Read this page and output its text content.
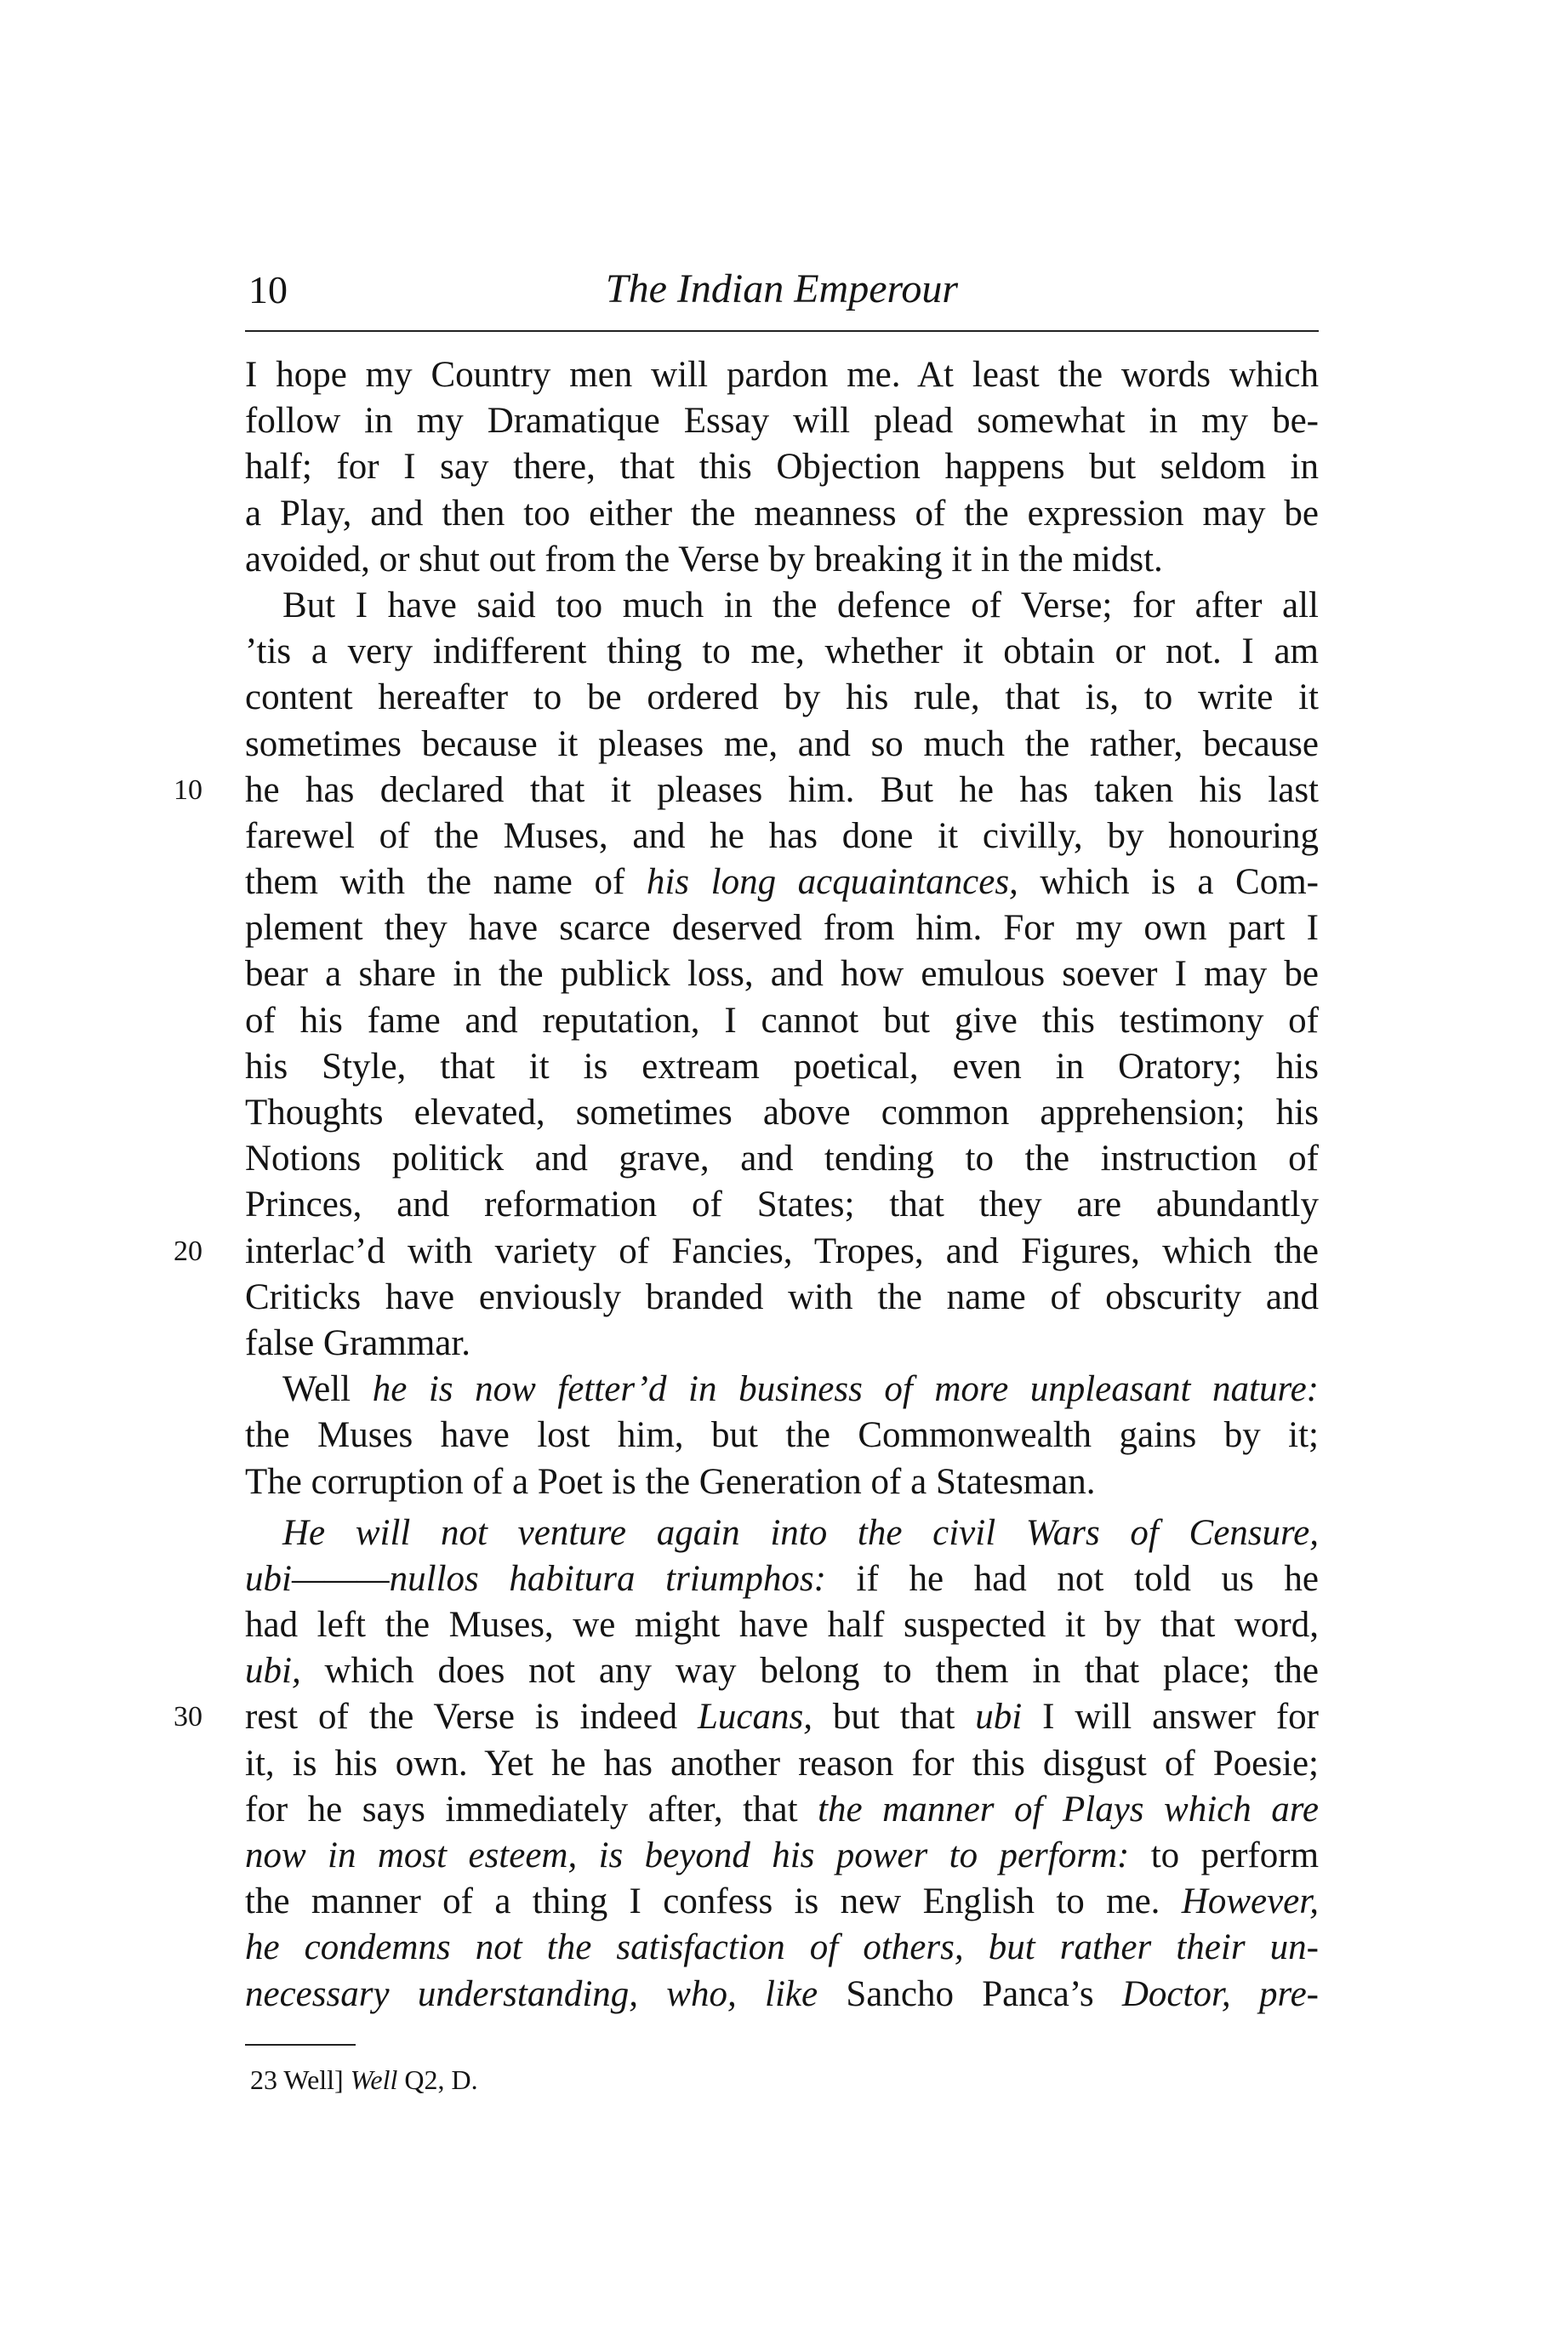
10	The Indian Emperour
I hope my Country men will pardon me. At least the words which
follow in my Dramatique Essay will plead somewhat in my be-
half; for I say there, that this Objection happens but seldom in
a Play, and then too either the meanness of the expression may be
avoided, or shut out from the Verse by breaking it in the midst.
But I have said too much in the defence of Verse; for after all
’tis a very indifferent thing to me, whether it obtain or not. I am
content hereafter to be ordered by his rule, that is, to write it
sometimes because it pleases me, and so much the rather, because
10	he has declared that it pleases him. But he has taken his last
farewel of the Muses, and he has done it civilly, by honouring
them with the name of his long acquaintances, which is a Com-
plement they have scarce deserved from him. For my own part I
bear a share in the publick loss, and how emulous soever I may be
of his fame and reputation, I cannot but give this testimony of
his Style, that it is extream poetical, even in Oratory; his
Thoughts elevated, sometimes above common apprehension; his
Notions politick and grave, and tending to the instruction of
Princes, and reformation of States; that they are abundantly
20	interlac’d with variety of Fancies, Tropes, and Figures, which the
Criticks have enviously branded with the name of obscurity and
false Grammar.
Well he is now fetter’d in business of more unpleasant nature:
the Muses have lost him, but the Commonwealth gains by it;
The corruption of a Poet is the Generation of a Statesman.
He will not venture again into the civil Wars of Censure,
ubi———nullos habitura triumphos: if he had not told us he
had left the Muses, we might have half suspected it by that word,
ubi, which does not any way belong to them in that place; the
30	rest of the Verse is indeed Lucans, but that ubi I will answer for
it, is his own. Yet he has another reason for this disgust of Poesie;
for he says immediately after, that the manner of Plays which are
now in most esteem, is beyond his power to perform: to perform
the manner of a thing I confess is new English to me. However,
he condemns not the satisfaction of others, but rather their un-
necessary understanding, who, like Sancho Panca’s Doctor, pre-
23 Well] Well Q2, D.
